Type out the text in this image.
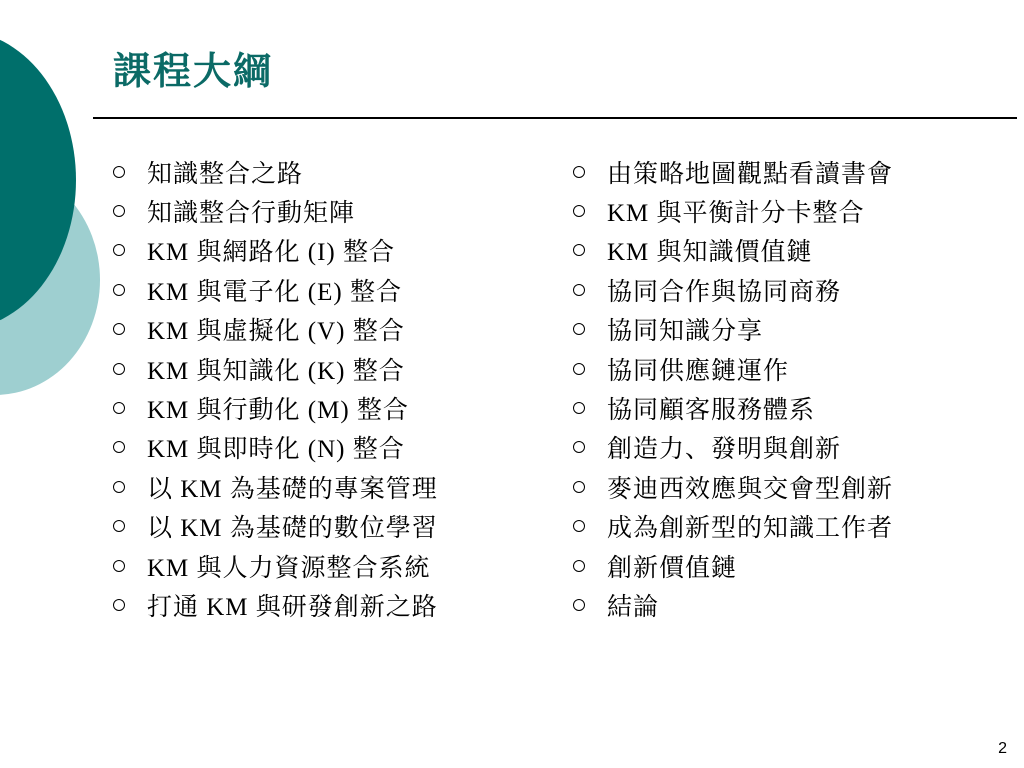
課程大綱
知識整合之路
知識整合行動矩陣
KM 與網路化 (I) 整合
KM 與電子化 (E) 整合
KM 與虛擬化 (V) 整合
KM 與知識化 (K) 整合
KM 與行動化 (M) 整合
KM 與即時化 (N) 整合
以 KM 為基礎的專案管理
以 KM 為基礎的數位學習
KM 與人力資源整合系統
打通 KM 與研發創新之路
由策略地圖觀點看讀書會
KM 與平衡計分卡整合
KM 與知識價值鏈
協同合作與協同商務
協同知識分享
協同供應鏈運作
協同顧客服務體系
創造力、發明與創新
麥迪西效應與交會型創新
成為創新型的知識工作者
創新價值鏈
結論
2
